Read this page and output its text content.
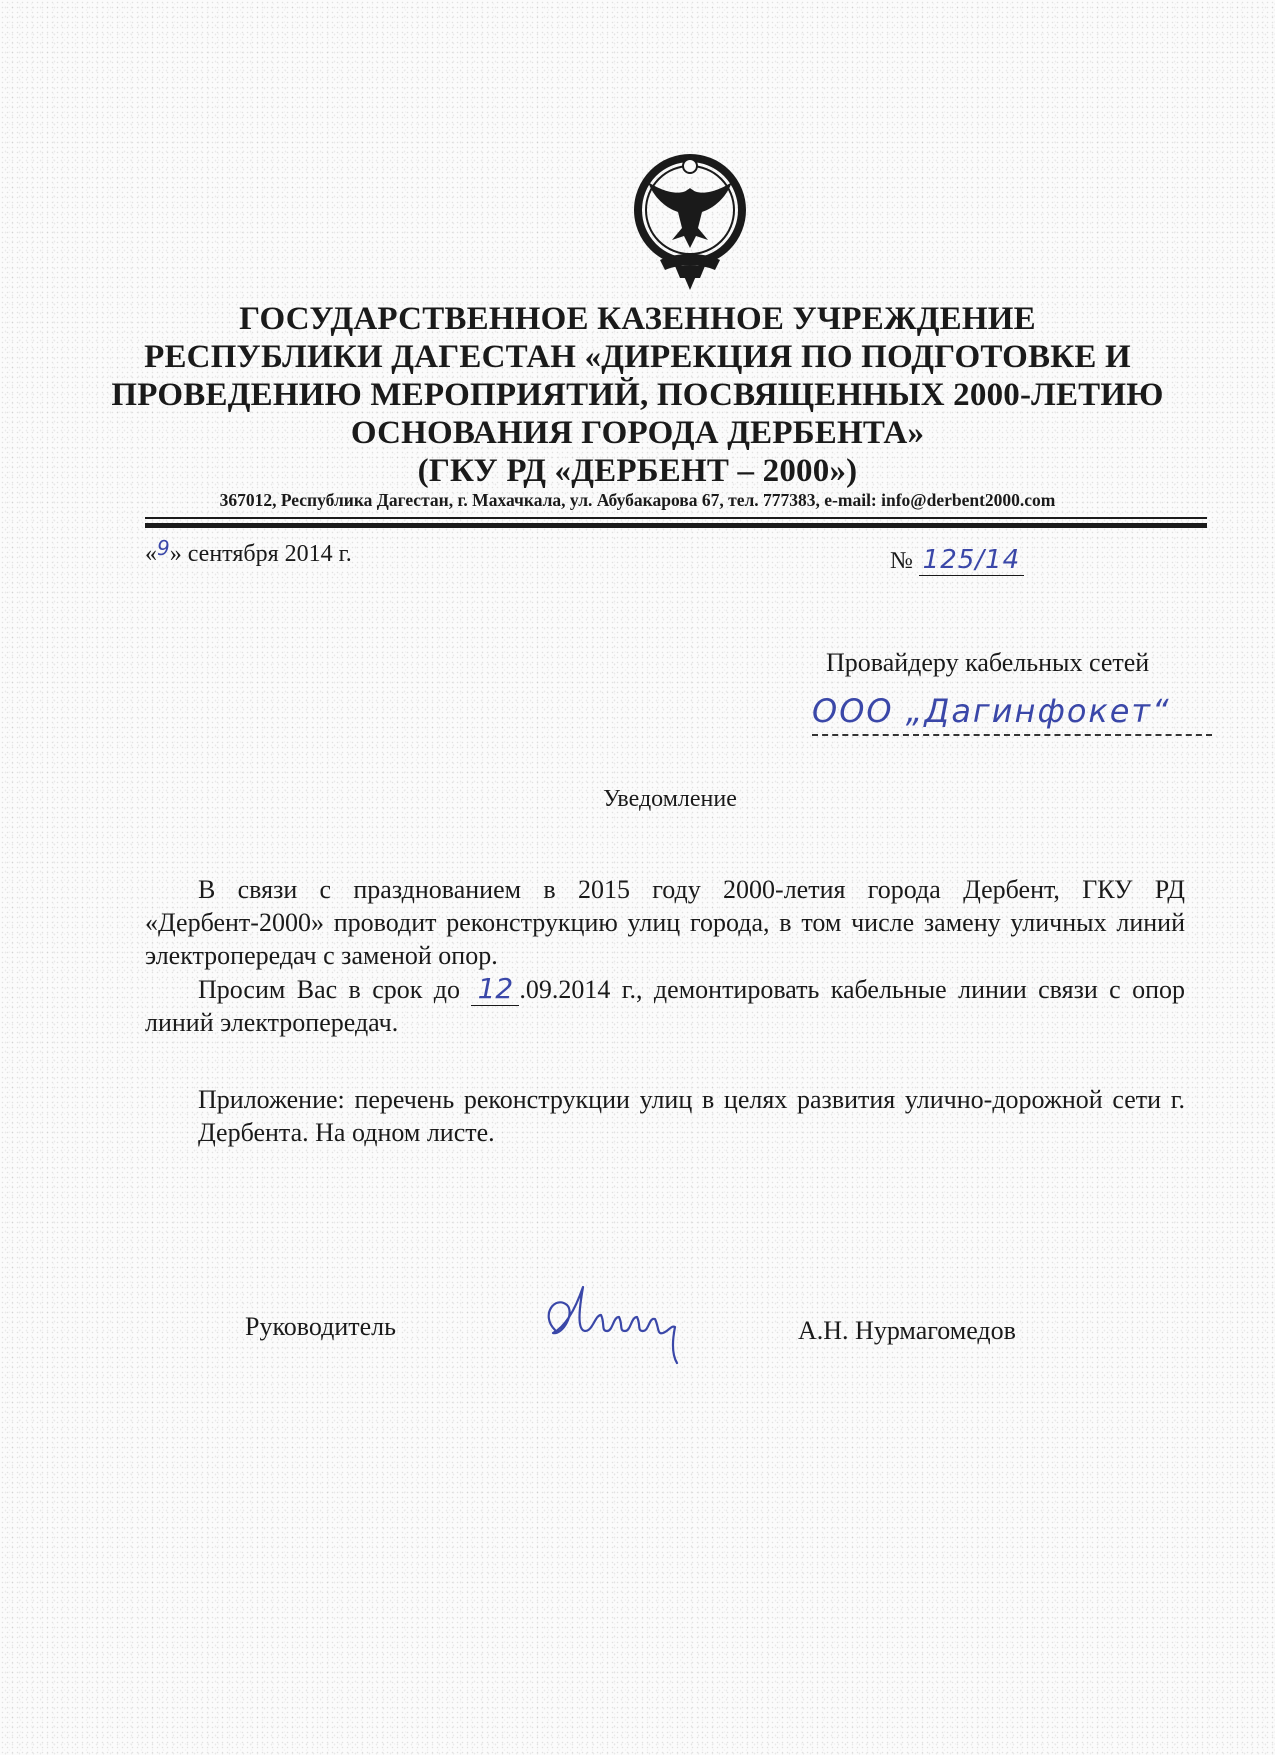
ГОСУДАРСТВЕННОЕ КАЗЕННОЕ УЧРЕЖДЕНИЕ
РЕСПУБЛИКИ ДАГЕСТАН «ДИРЕКЦИЯ ПО ПОДГОТОВКЕ И
ПРОВЕДЕНИЮ МЕРОПРИЯТИЙ, ПОСВЯЩЕННЫХ 2000-ЛЕТИЮ
ОСНОВАНИЯ ГОРОДА ДЕРБЕНТА»
(ГКУ РД «ДЕРБЕНТ – 2000»)
367012, Республика Дагестан, г. Махачкала, ул. Абубакарова 67, тел. 777383, e-mail: info@derbent2000.com
«$^9$» сентября 2014 г.	№ 125/14
Провайдеру кабельных сетей
ООО „Дагинфокет“
Уведомление

В связи с празднованием в 2015 году 2000-летия города Дербент, ГКУ РД «Дербент-2000» проводит реконструкцию улиц города, в том числе замену уличных линий электропередач с заменой опор.

Просим Вас в срок до 12 .09.2014 г., демонтировать кабельные линии связи с опор линий электропередач.

Приложение: перечень реконструкции улиц в целях развития улично-дорожной сети г. Дербента. На одном листе.
Руководитель	А.Н. Нурмагомедов
